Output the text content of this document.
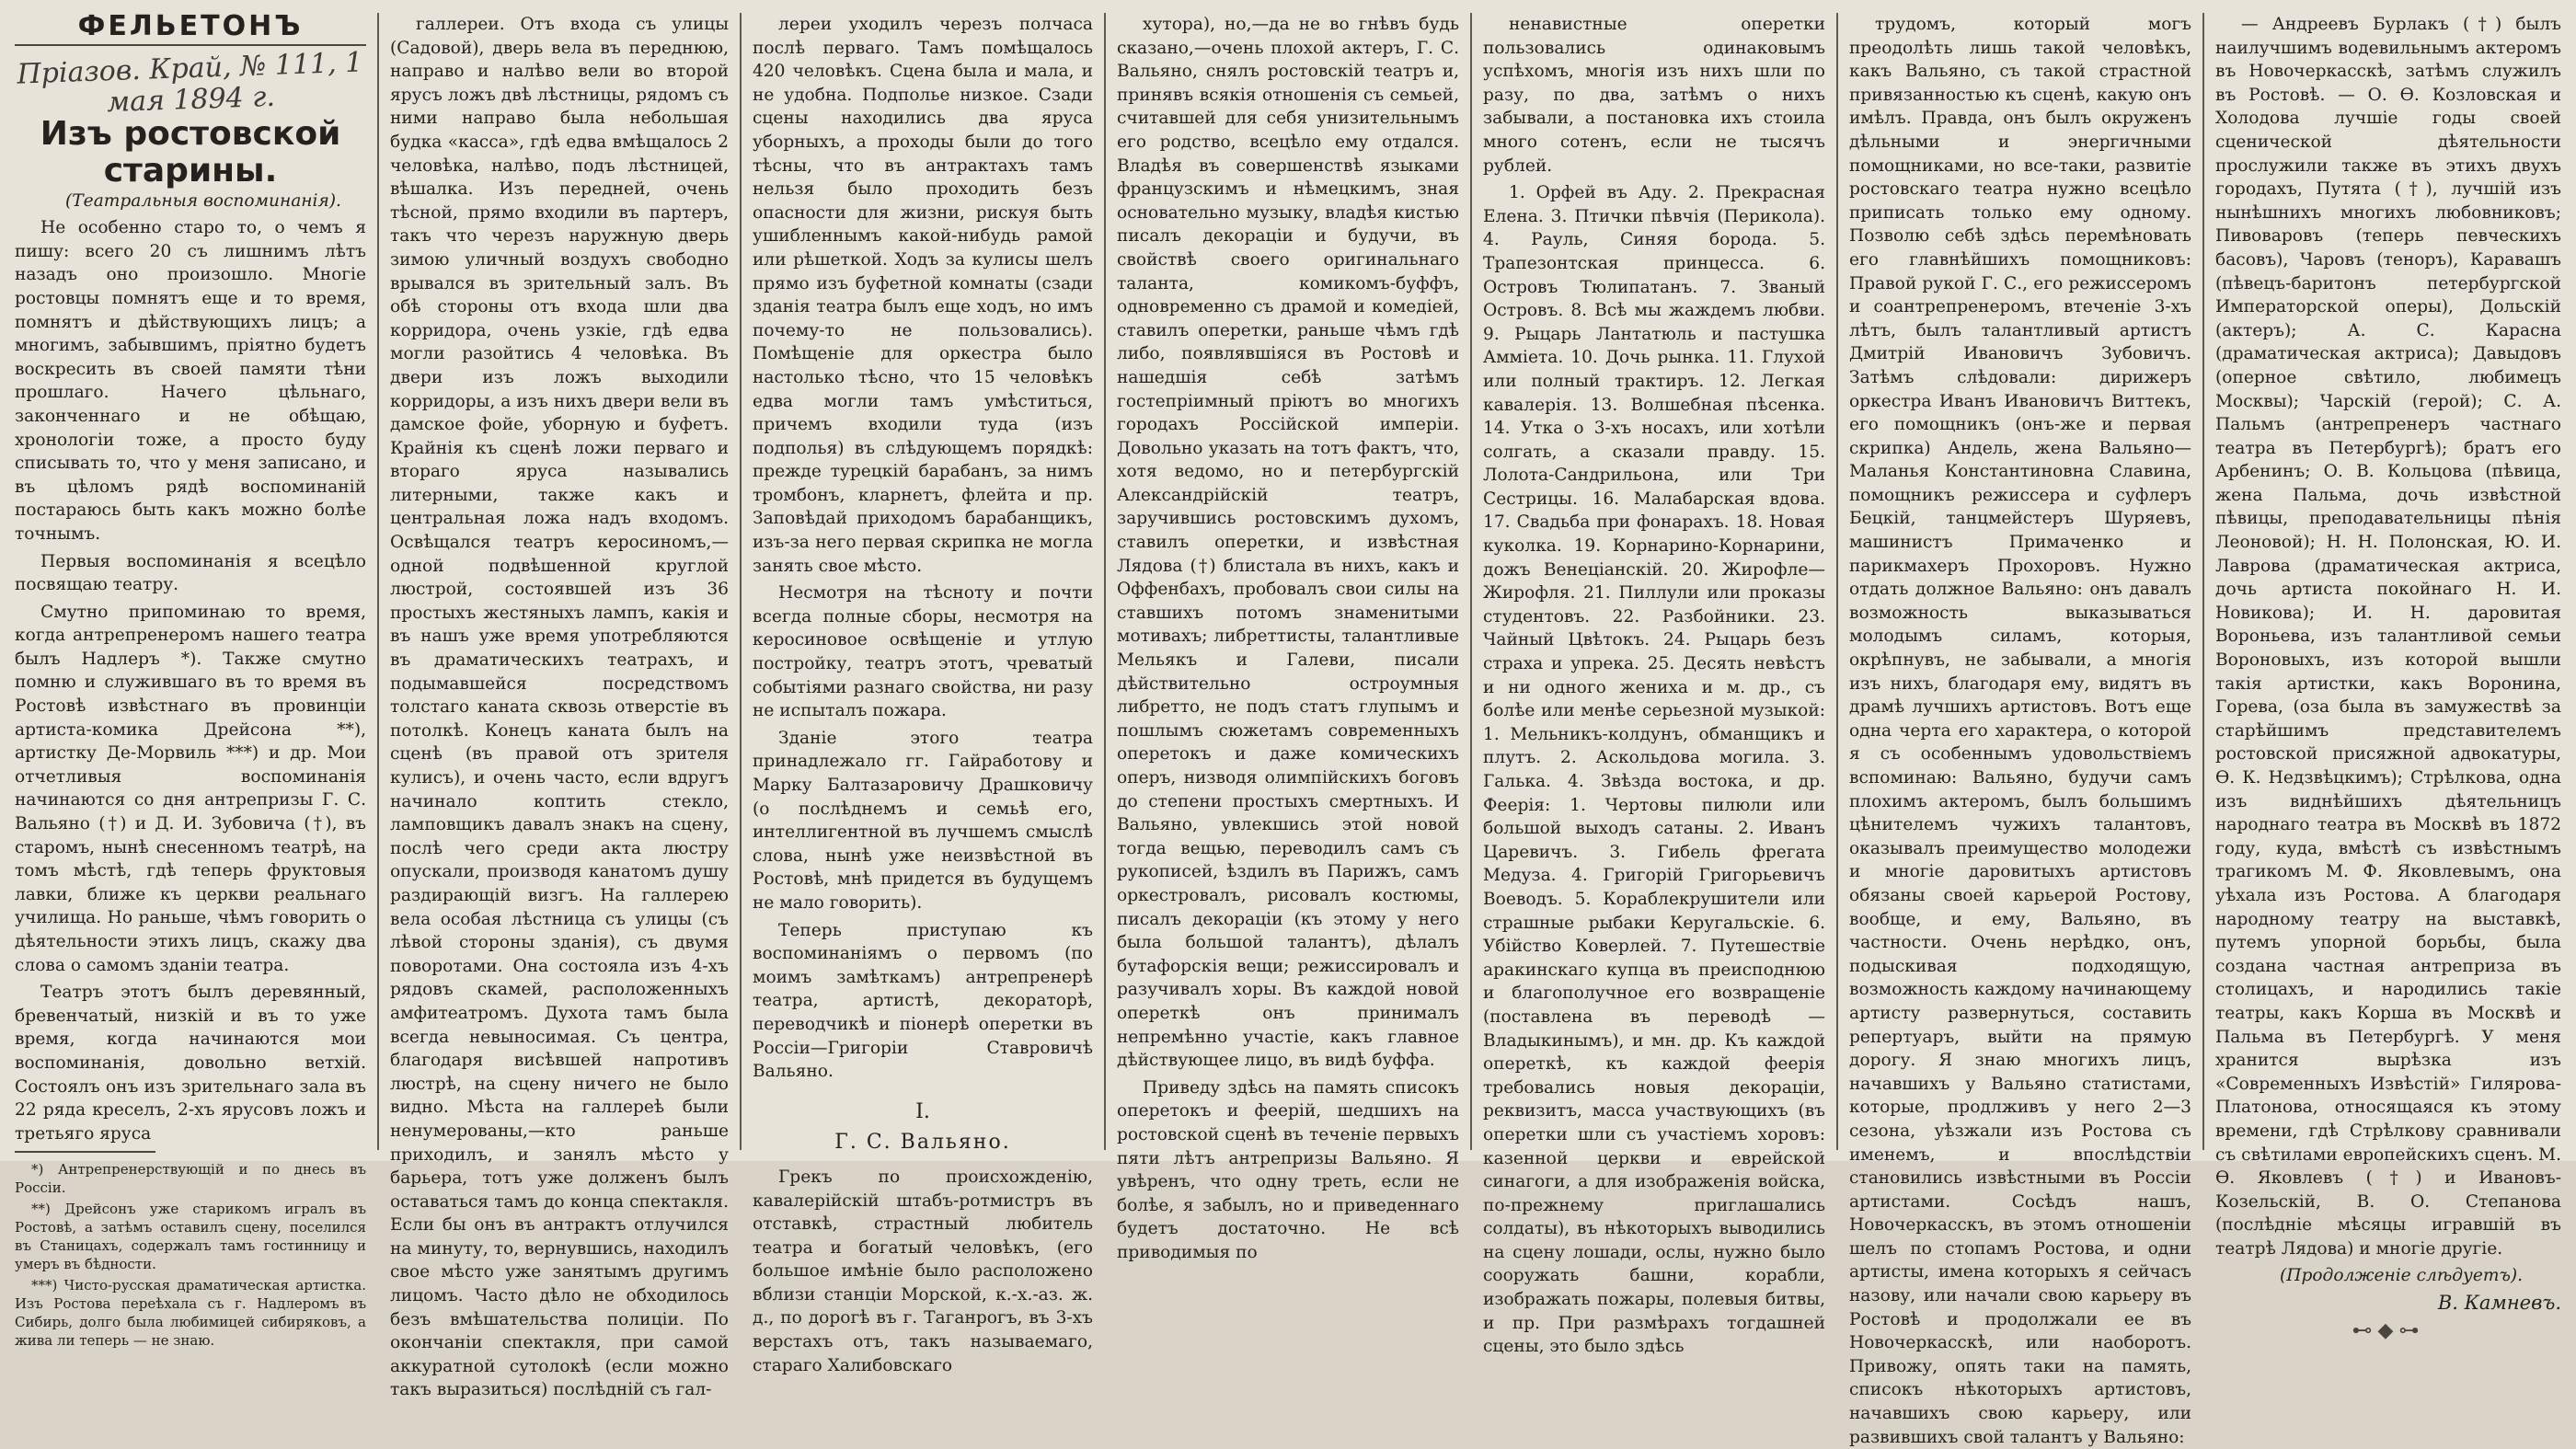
ФЕЛЬЕТОНЪ
Прiазов. Край, № 111, 1 мая 1894 г.
Изъ ростовской старины.

(Театральныя воспоминанія).

Не особенно старо то, о чемъ я пишу: всего 20 съ лишнимъ лѣтъ назадъ оно произошло. Многiе ростовцы помнятъ еще и то время, помнятъ и дѣйствующихъ лицъ; а многимъ, забывшимъ, пріятно будетъ воскресить въ своей памяти тѣни прошлаго. Начего цѣльнаго, законченнаго и не обѣщаю, хронологіи тоже, а просто буду списывать то, что у меня записано, и въ цѣломъ рядѣ воспоминаній постараюсь быть какъ можно болѣе точнымъ.

Первыя воспоминанія я всецѣло посвящаю театру.

Смутно припоминаю то время, когда антрепренеромъ нашего театра былъ Надлеръ *). Также смутно помню и служившаго въ то время въ Ростовѣ извѣстнаго въ провинціи артиста-комика Дрейсона **), артистку Де-Морвиль ***) и др. Мои отчетливыя воспоминанія начинаются со дня антрепризы Г. С. Вальяно (†) и Д. И. Зубовича (†), въ старомъ, нынѣ снесенномъ театрѣ, на томъ мѣстѣ, гдѣ теперь фруктовыя лавки, ближе къ церкви реальнаго училища. Но раньше, чѣмъ говорить о дѣятельности этихъ лицъ, скажу два слова о самомъ зданіи театра.

Театръ этотъ былъ деревянный, бревенчатый, низкій и въ то уже время, когда начинаются мои воспоминанія, довольно ветхій. Состоялъ онъ изъ зрительнаго зала въ 22 ряда креселъ, 2-хъ ярусовъ ложъ и третьяго яруса

*) Антрепренерствующій и по днесь въ Россіи.

**) Дрейсонъ уже старикомъ игралъ въ Ростовѣ, а затѣмъ оставилъ сцену, поселился въ Станицахъ, содержалъ тамъ гостинницу и умеръ въ бѣдности.

***) Чисто-русская драматическая артистка. Изъ Ростова переѣхала съ г. Надлеромъ въ Сибирь, долго была любимицей сибиряковъ, а жива ли теперь — не знаю.

галлереи. Отъ входа съ улицы (Садовой), дверь вела въ переднюю, направо и налѣво вели во второй ярусъ ложъ двѣ лѣстницы, рядомъ съ ними направо была небольшая будка «касса», гдѣ едва вмѣщалось 2 человѣка, налѣво, подъ лѣстницей, вѣшалка. Изъ передней, очень тѣсной, прямо входили въ партеръ, такъ что черезъ наружную дверь зимою уличный воздухъ свободно врывался въ зрительный залъ. Въ обѣ стороны отъ входа шли два корридора, очень узкіе, гдѣ едва могли разойтись 4 человѣка. Въ двери изъ ложъ выходили корридоры, а изъ нихъ двери вели въ дамское фойе, уборную и буфетъ. Крайнія къ сценѣ ложи перваго и втораго яруса назывались литерными, также какъ и центральная ложа надъ входомъ. Освѣщался театръ керосиномъ,—одной подвѣшенной круглой люстрой, состоявшей изъ 36 простыхъ жестяныхъ лампъ, какія и въ нашъ уже время употребляются въ драматическихъ театрахъ, и подымавшейся посредствомъ толстаго каната сквозь отверстіе въ потолкѣ. Конецъ каната былъ на сценѣ (въ правой отъ зрителя кулисъ), и очень часто, если вдругъ начинало коптить стекло, ламповщикъ давалъ знакъ на сцену, послѣ чего среди акта люстру опускали, производя канатомъ душу раздирающій визгъ. На галлерею вела особая лѣстница съ улицы (съ лѣвой стороны зданія), съ двумя поворотами. Она состояла изъ 4-хъ рядовъ скамей, расположенныхъ амфитеатромъ. Духота тамъ была всегда невыносимая. Съ центра, благодаря висѣвшей напротивъ люстрѣ, на сцену ничего не было видно. Мѣста на галлереѣ были ненумерованы,—кто раньше приходилъ, и занялъ мѣсто у барьера, тотъ уже долженъ былъ оставаться тамъ до конца спектакля. Если бы онъ въ антрактъ отлучился на минуту, то, вернувшись, находилъ свое мѣсто уже занятымъ другимъ лицомъ. Часто дѣло не обходилось безъ вмѣшательства полиціи. По окончаніи спектакля, при самой аккуратной сутолокѣ (если можно такъ выразиться) послѣдній съ гал-

лереи уходилъ черезъ полчаса послѣ перваго. Тамъ помѣщалось 420 человѣкъ. Сцена была и мала, и не удобна. Подполье низкое. Сзади сцены находились два яруса уборныхъ, а проходы были до того тѣсны, что въ антрактахъ тамъ нельзя было проходить безъ опасности для жизни, рискуя быть ушибленнымъ какой-нибудь рамой или рѣшеткой. Ходъ за кулисы шелъ прямо изъ буфетной комнаты (сзади зданія театра былъ еще ходъ, но имъ почему-то не пользовались). Помѣщеніе для оркестра было настолько тѣсно, что 15 человѣкъ едва могли тамъ умѣститься, причемъ входили туда (изъ подполья) въ слѣдующемъ порядкѣ: прежде турецкій барабанъ, за нимъ тромбонъ, кларнетъ, флейта и пр. Заповѣдай приходомъ барабанщикъ, изъ-за него первая скрипка не могла занять свое мѣсто.

Несмотря на тѣсноту и почти всегда полные сборы, несмотря на керосиновое освѣщеніе и утлую постройку, театръ этотъ, чреватый событіями разнаго свойства, ни разу не испыталъ пожара.

Зданіе этого театра принадлежало гг. Гайработову и Марку Балтазаровичу Драшковичу (о послѣднемъ и семьѣ его, интеллигентной въ лучшемъ смыслѣ слова, нынѣ уже неизвѣстной въ Ростовѣ, мнѣ придется въ будущемъ не мало говорить).

Теперь приступаю къ воспоминаніямъ о первомъ (по моимъ замѣткамъ) антрепренерѣ театра, артистѣ, декораторѣ, переводчикѣ и піонерѣ оперетки въ Россіи—Григоріи Ставровичѣ Вальяно.

I.
Г. С. Вальяно.

Грекъ по происхожденію, кавалерійскій штабъ-ротмистръ въ отставкѣ, страстный любитель театра и богатый человѣкъ, (его большое имѣніе было расположено вблизи станціи Морской, к.-х.-аз. ж. д., по дорогѣ въ г. Таганрогъ, въ 3-хъ верстахъ отъ, такъ называемаго, стараго Халибовскаго

хутора), но,—да не во гнѣвъ будь сказано,—очень плохой актеръ, Г. С. Вальяно, снялъ ростовскій театръ и, принявъ всякія отношенія съ семьей, считавшей для себя унизительнымъ его родство, всецѣло ему отдался. Владѣя въ совершенствѣ языками французскимъ и нѣмецкимъ, зная основательно музыку, владѣя кистью писалъ декораціи и будучи, въ свойствѣ своего оригинальнаго таланта, комикомъ-буффъ, одновременно съ драмой и комедіей, ставилъ оперетки, раньше чѣмъ гдѣ либо, появлявшіяся въ Ростовѣ и нашедшія себѣ затѣмъ гостепріимный пріютъ во многихъ городахъ Россійской имперіи. Довольно указать на тотъ фактъ, что, хотя ведомо, но и петербургскій Александрійскій театръ, заручившись ростовскимъ духомъ, ставилъ оперетки, и извѣстная Лядова (†) блистала въ нихъ, какъ и Оффенбахъ, пробовалъ свои силы на ставшихъ потомъ знаменитыми мотивахъ; либреттисты, талантливые Мельякъ и Галеви, писали дѣйствительно остроумныя либретто, не подъ статъ глупымъ и пошлымъ сюжетамъ современныхъ оперетокъ и даже комическихъ оперъ, низводя олимпійскихъ боговъ до степени простыхъ смертныхъ. И Вальяно, увлекшись этой новой тогда вещью, переводилъ самъ съ рукописей, ѣздилъ въ Парижъ, самъ оркестровалъ, рисовалъ костюмы, писалъ декораціи (къ этому у него была большой талантъ), дѣлалъ бутафорскія вещи; режиссировалъ и разучивалъ хоры. Въ каждой новой опереткѣ онъ принималъ непремѣнно участіе, какъ главное дѣйствующее лицо, въ видѣ буффа.

Приведу здѣсь на память списокъ оперетокъ и феерій, шедшихъ на ростовской сценѣ въ теченіе первыхъ пяти лѣтъ антрепризы Вальяно. Я увѣренъ, что одну треть, если не болѣе, я забылъ, но и приведеннаго будетъ достаточно. Не всѣ приводимыя по

ненавистные оперетки пользовались одинаковымъ успѣхомъ, многія изъ нихъ шли по разу, по два, затѣмъ о нихъ забывали, а постановка ихъ стоила много сотенъ, если не тысячъ рублей.

1. Орфей въ Аду. 2. Прекрасная Елена. 3. Птички пѣвчія (Перикола). 4. Рауль, Синяя борода. 5. Трапезонтская принцесса. 6. Островъ Тюлипатанъ. 7. Званый Островъ. 8. Всѣ мы жаждемъ любви. 9. Рыцарь Лантатюль и пастушка Амміета. 10. Дочь рынка. 11. Глухой или полный трактиръ. 12. Легкая кавалерія. 13. Волшебная пѣсенка. 14. Утка о 3-хъ носахъ, или хотѣли солгать, а сказали правду. 15. Лолота-Сандрильона, или Три Сестрицы. 16. Малабарская вдова. 17. Свадьба при фонарахъ. 18. Новая куколка. 19. Корнарино-Корнарини, дожъ Венеціанскій. 20. Жирофле—Жирофля. 21. Пиллули или проказы студентовъ. 22. Разбойники. 23. Чайный Цвѣтокъ. 24. Рыцарь безъ страха и упрека. 25. Десять невѣстъ и ни одного жениха и м. др., съ болѣе или менѣе серьезной музыкой: 1. Мельникъ-колдунъ, обманщикъ и плутъ. 2. Аскольдова могила. 3. Галька. 4. Звѣзда востока, и др. Феерія: 1. Чертовы пилюли или большой выходъ сатаны. 2. Иванъ Царевичъ. 3. Гибель фрегата Медуза. 4. Григорій Григорьевичъ Воеводъ. 5. Кораблекрушители или страшные рыбаки Керугальскіе. 6. Убійство Коверлей. 7. Путешествіе аракинскаго купца въ преисподнюю и благополучное его возвращеніе (поставлена въ переводѣ — Владыкинымъ), и мн. др. Къ каждой опереткѣ, къ каждой феерія требовались новыя декораціи, реквизитъ, масса участвующихъ (въ оперетки шли съ участіемъ хоровъ: казенной церкви и еврейской синагоги, а для изображенія войска, по-прежнему приглашались солдаты), въ нѣкоторыхъ выводились на сцену лошади, ослы, нужно было сооружать башни, корабли, изображать пожары, полевыя битвы, и пр. При размѣрахъ тогдашней сцены, это было здѣсь

трудомъ, который могъ преодолѣть лишь такой человѣкъ, какъ Вальяно, съ такой страстной привязанностью къ сценѣ, какую онъ имѣлъ. Правда, онъ былъ окруженъ дѣльными и энергичными помощниками, но все-таки, развитіе ростовскаго театра нужно всецѣло приписать только ему одному. Позволю себѣ здѣсь перемѣновать его главнѣйшихъ помощниковъ: Правой рукой Г. С., его режиссеромъ и соантрепренеромъ, втеченіе 3-хъ лѣтъ, былъ талантливый артистъ Дмитрій Ивановичъ Зубовичъ. Затѣмъ слѣдовали: дирижеръ оркестра Иванъ Ивановичъ Виттекъ, его помощникъ (онъ-же и первая скрипка) Андель, жена Вальяно—Маланья Константиновна Славина, помощникъ режиссера и суфлеръ Бецкій, танцмейстеръ Шуряевъ, машинистъ Примаченко и парикмахеръ Прохоровъ. Нужно отдать должное Вальяно: онъ давалъ возможность выказываться молодымъ силамъ, которыя, окрѣпнувъ, не забывали, а многія изъ нихъ, благодаря ему, видятъ въ драмѣ лучшихъ артистовъ. Вотъ еще одна черта его характера, о которой я съ особеннымъ удовольствіемъ вспоминаю: Вальяно, будучи самъ плохимъ актеромъ, былъ большимъ цѣнителемъ чужихъ талантовъ, оказывалъ преимущество молодежи и многіе даровитыхъ артистовъ обязаны своей карьерой Ростову, вообще, и ему, Вальяно, въ частности. Очень нерѣдко, онъ, подыскивая подходящую, возможность каждому начинающему артисту развернуться, составить репертуаръ, выйти на прямую дорогу. Я знаю многихъ лицъ, начавшихъ у Вальяно статистами, которые, продлживъ у него 2—3 сезона, уѣзжали изъ Ростова съ именемъ, и впослѣдствіи становились извѣстными въ Россіи артистами. Сосѣдъ нашъ, Новочеркасскъ, въ этомъ отношеніи шелъ по стопамъ Ростова, и одни артисты, имена которыхъ я сейчасъ назову, или начали свою карьеру въ Ростовѣ и продолжали ее въ Новочеркасскѣ, или наоборотъ. Привожу, опять таки на память, списокъ нѣкоторыхъ артистовъ, начавшихъ свою карьеру, или развившихъ свой талантъ у Вальяно:

— Андреевъ Бурлакъ (†) былъ наилучшимъ водевильнымъ актеромъ въ Новочеркасскѣ, затѣмъ служилъ въ Ростовѣ. — О. Ѳ. Козловская и Холодова лучшіе годы своей сценической дѣятельности прослужили также въ этихъ двухъ городахъ, Путята (†), лучшій изъ нынѣшнихъ многихъ любовниковъ; Пивоваровъ (теперь певческихъ басовъ), Чаровъ (теноръ), Каравашъ (пѣвецъ-баритонъ петербургской Императорской оперы), Дольскій (актеръ); А. С. Карасна (драматическая актриса); Давыдовъ (оперное свѣтило, любимецъ Москвы); Чарскій (герой); С. А. Пальмъ (антрепренеръ частнаго театра въ Петербургѣ); братъ его Арбенинъ; О. В. Кольцова (пѣвица, жена Пальма, дочь извѣстной пѣвицы, преподавательницы пѣнія Леоновой); Н. Н. Полонская, Ю. И. Лаврова (драматическая актриса, дочь артиста покойнаго Н. И. Новикова); И. Н. даровитая Вороньева, изъ талантливой семьи Вороновыхъ, изъ которой вышли такія артистки, какъ Воронина, Горева, (оза была въ замужествѣ за старѣйшимъ представителемъ ростовской присяжной адвокатуры, Ѳ. К. Недзвѣцкимъ); Стрѣлкова, одна изъ виднѣйшихъ дѣятельницъ народнаго театра въ Москвѣ въ 1872 году, куда, вмѣстѣ съ извѣстнымъ трагикомъ М. Ф. Яковлевымъ, она уѣхала изъ Ростова. А благодаря народному театру на выставкѣ, путемъ упорной борьбы, была создана частная антреприза въ столицахъ, и народились такіе театры, какъ Корша въ Москвѣ и Пальма въ Петербургѣ. У меня хранится вырѣзка изъ «Современныхъ Извѣстій» Гилярова-Платонова, относящаяся къ этому времени, гдѣ Стрѣлкову сравнивали съ свѣтилами европейскихъ сценъ. М. Ѳ. Яковлевъ (†) и Ивановъ-Козельскій, В. О. Степанова (послѣдніе мѣсяцы игравшій въ театрѣ Лядова) и многіе другіе.

(Продолженіе слѣдуетъ).

В. Камневъ.

⊷◆⊶
